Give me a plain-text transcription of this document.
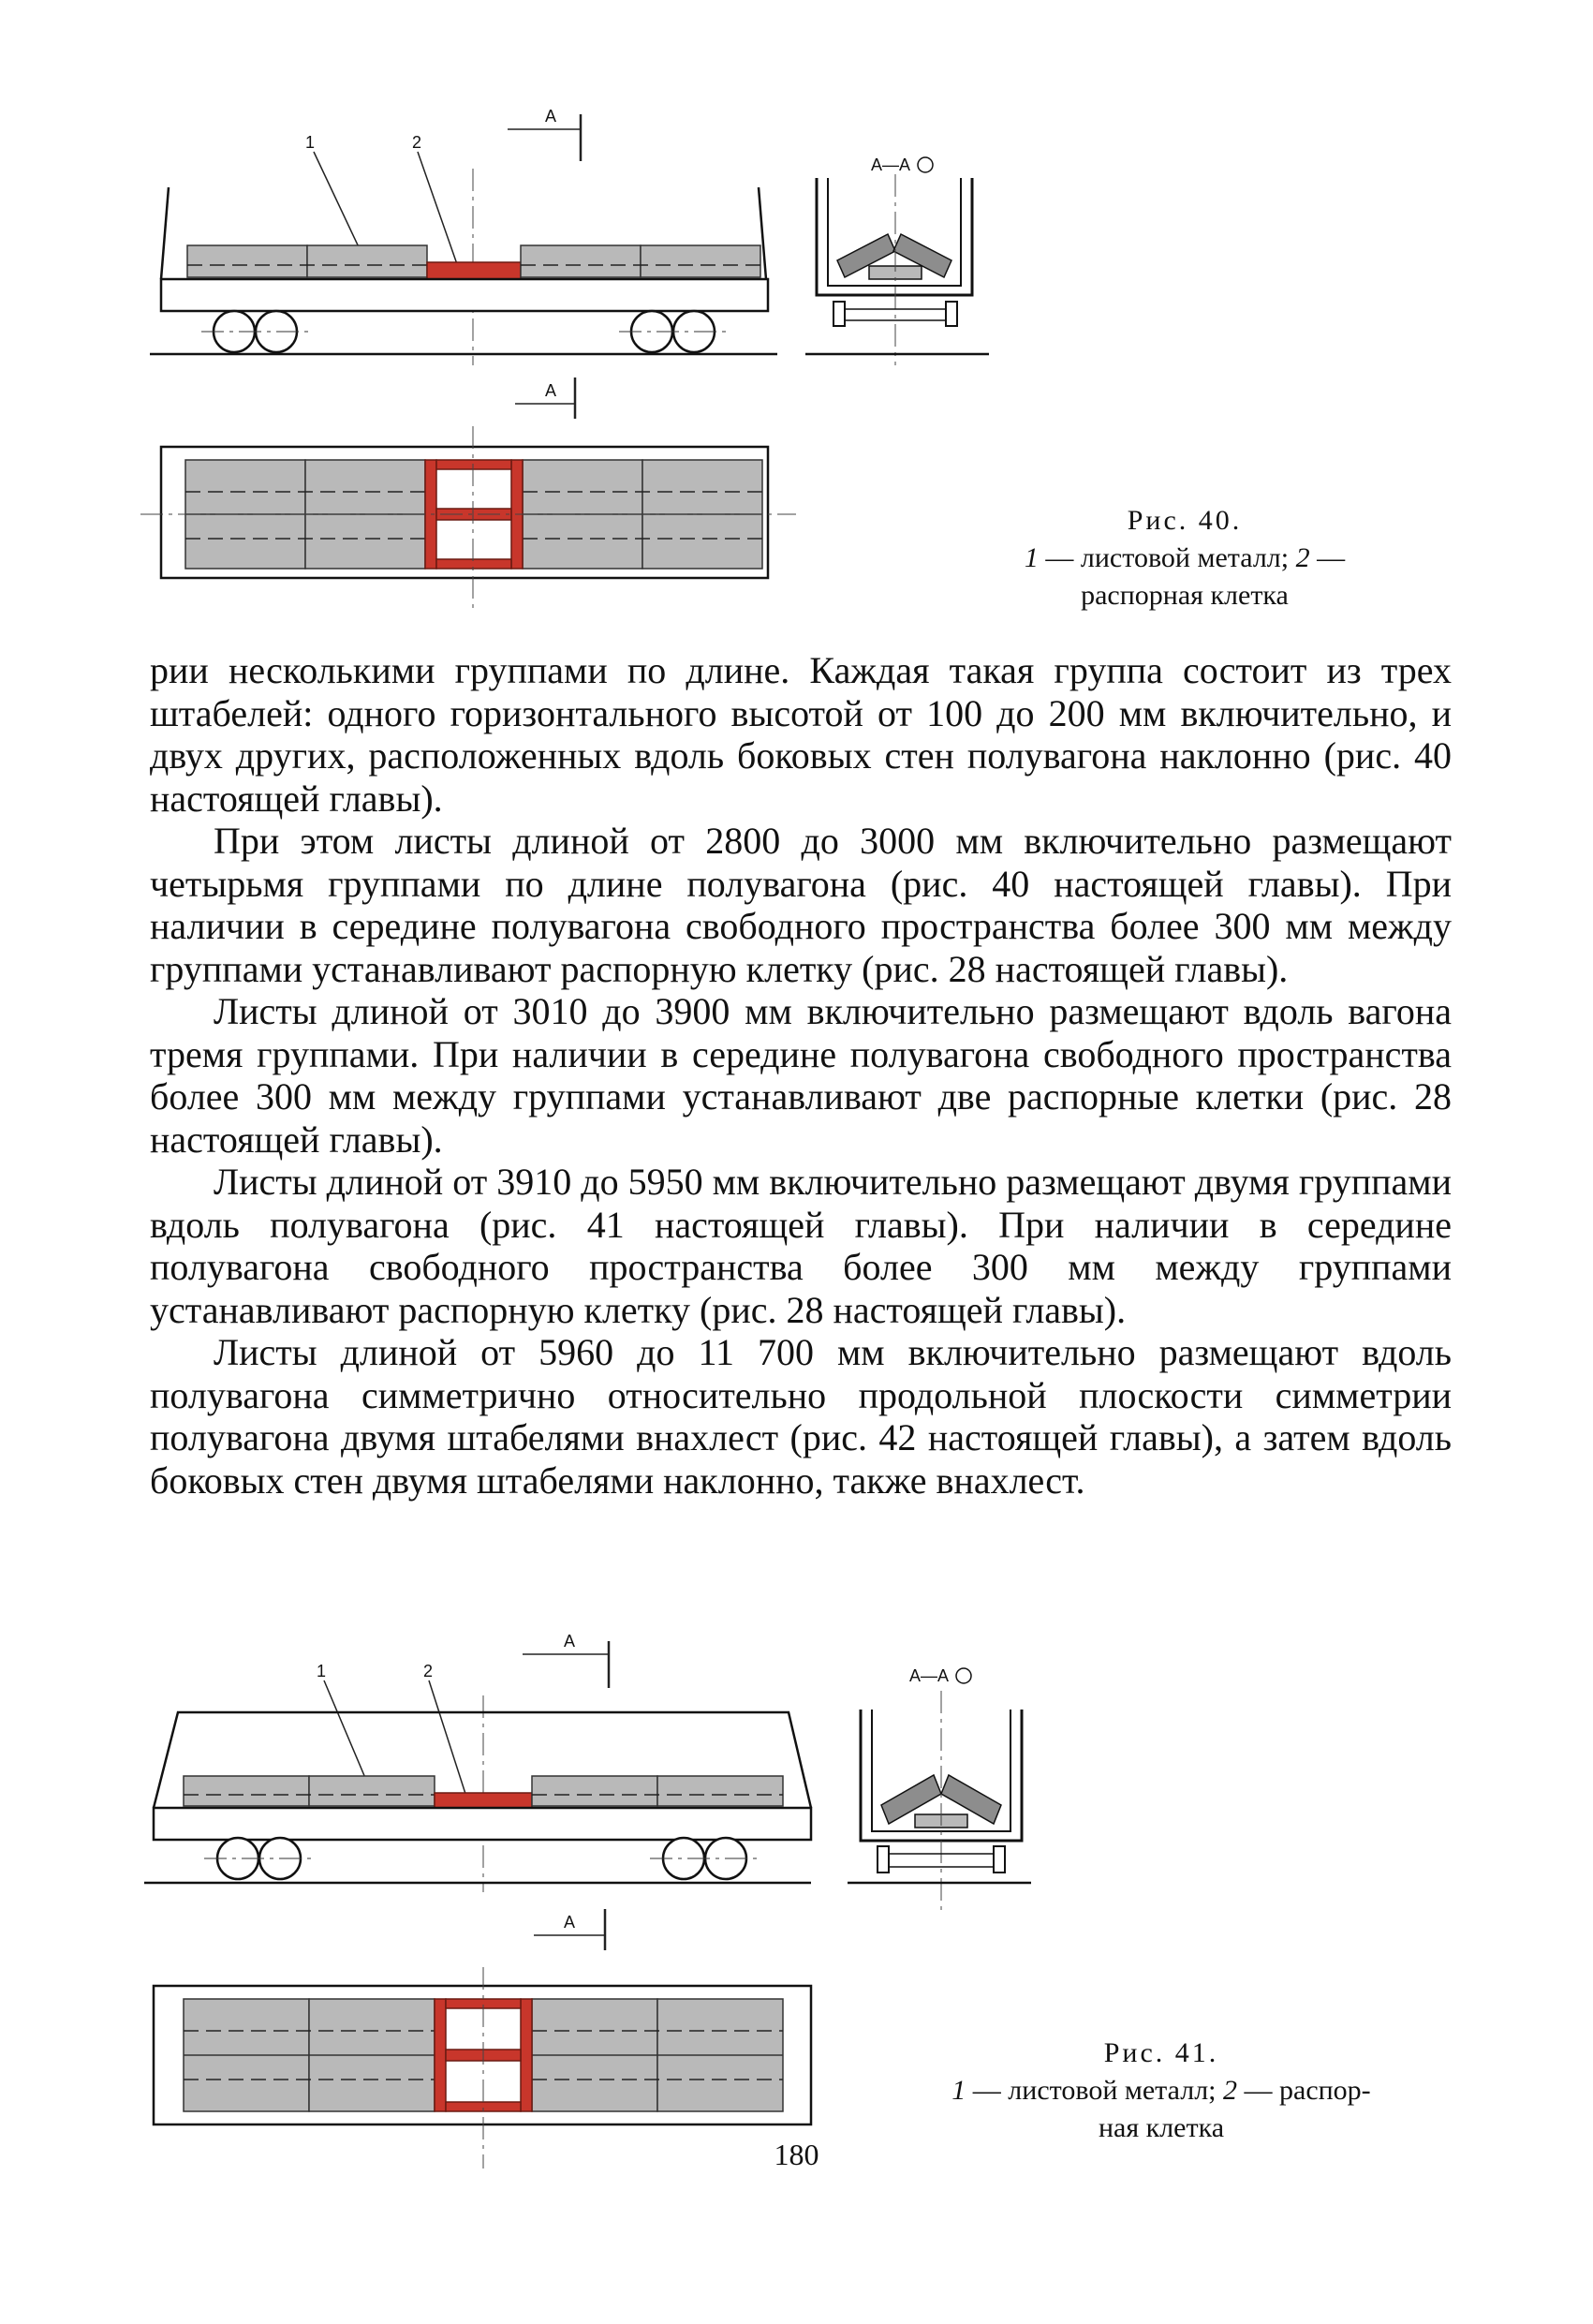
1	2
A
A—A
A
Рис. 40.
1 — листовой металл; 2 —
распорная клетка

рии несколькими группами по длине. Каждая такая группа состоит из трех штабелей: одного горизонтального высотой от 100 до 200 мм включительно, и двух других, расположенных вдоль боковых стен полувагона наклонно (рис. 40 настоящей главы).

При этом листы длиной от 2800 до 3000 мм включительно размещают четырьмя группами по длине полувагона (рис. 40 настоящей главы). При наличии в середине полувагона свободного пространства более 300 мм между группами устанавливают распорную клетку (рис. 28 настоящей главы).

Листы длиной от 3010 до 3900 мм включительно размещают вдоль вагона тремя группами. При наличии в середине полувагона свободного пространства более 300 мм между группами устанавливают две распорные клетки (рис. 28 настоящей главы).

Листы длиной от 3910 до 5950 мм включительно размещают двумя группами вдоль полувагона (рис. 41 настоящей главы). При наличии в середине полувагона свободного пространства более 300 мм между группами устанавливают распорную клетку (рис. 28 настоящей главы).

Листы длиной от 5960 до 11 700 мм включительно размещают вдоль полувагона симметрично относительно продольной плоскости симметрии полувагона двумя штабелями внахлест (рис. 42 настоящей главы), а затем вдоль боковых стен двумя штабелями наклонно, также внахлест.

1	2
A
A—A
A
Рис. 41.
1 — листовой металл; 2 — распор-
ная клетка
180
